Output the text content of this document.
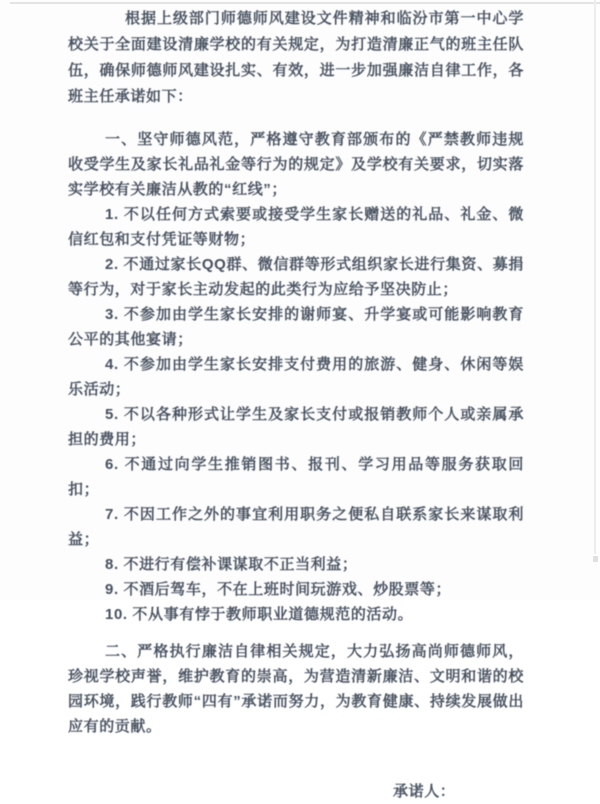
根据上级部门师德师风建设文件精神和临汾市第一中心学校关于全面建设清廉学校的有关规定，为打造清廉正气的班主任队伍，确保师德师风建设扎实、有效，进一步加强廉洁自律工作，各班主任承诺如下：

一、坚守师德风范，严格遵守教育部颁布的《严禁教师违规收受学生及家长礼品礼金等行为的规定》及学校有关要求，切实落实学校有关廉洁从教的“红线”；

1. 不以任何方式索要或接受学生家长赠送的礼品、礼金、微信红包和支付凭证等财物；

2. 不通过家长QQ群、微信群等形式组织家长进行集资、募捐等行为，对于家长主动发起的此类行为应给予坚决防止；

3. 不参加由学生家长安排的谢师宴、升学宴或可能影响教育公平的其他宴请；

4. 不参加由学生家长安排支付费用的旅游、健身、休闲等娱乐活动；

5. 不以各种形式让学生及家长支付或报销教师个人或亲属承担的费用；

6. 不通过向学生推销图书、报刊、学习用品等服务获取回扣；

7. 不因工作之外的事宜利用职务之便私自联系家长来谋取利益；

8. 不进行有偿补课谋取不正当利益；

9. 不酒后驾车，不在上班时间玩游戏、炒股票等；

10. 不从事有悖于教师职业道德规范的活动。

二、严格执行廉洁自律相关规定，大力弘扬高尚师德师风，珍视学校声誉，维护教育的崇高，为营造清新廉洁、文明和谐的校园环境，践行教师“四有”承诺而努力，为教育健康、持续发展做出应有的贡献。

承诺人：
